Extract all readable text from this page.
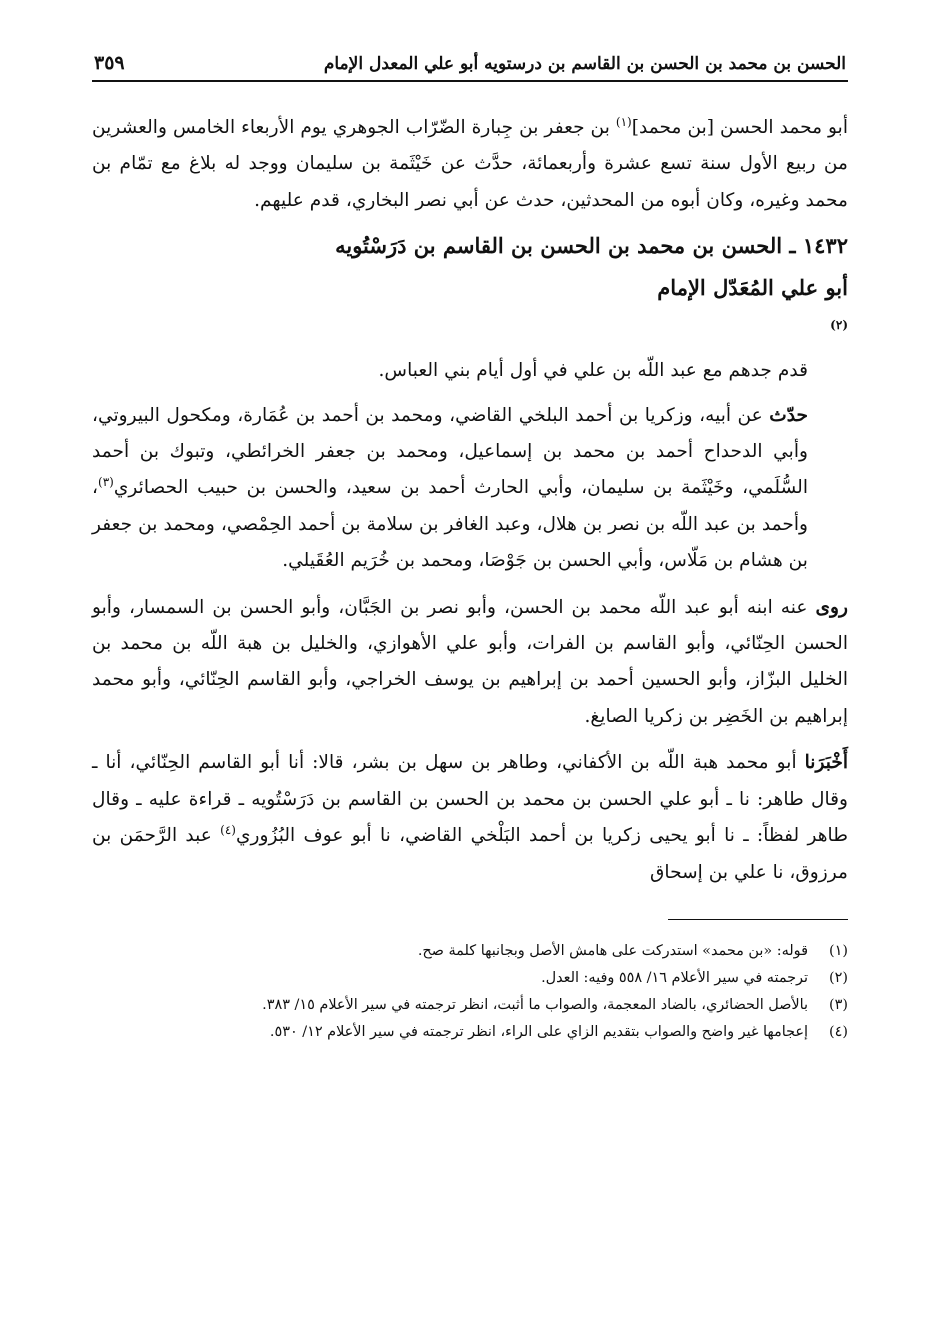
الحسن بن محمد بن الحسن بن القاسم بن درستويه أبو علي المعدل الإمام
٣٥٩

أبو محمد الحسن [بن محمد]$^{(١)}$ بن جعفر بن جِبارة الضّرّاب الجوهري يوم الأربعاء الخامس والعشرين من ربيع الأول سنة تسع عشرة وأربعمائة، حدَّث عن خَيْثَمة بن سليمان ووجد له بلاغ مع تمّام بن محمد وغيره، وكان أبوه من المحدثين، حدث عن أبي نصر البخاري، قدم عليهم.

١٤٣٢ ـ الحسن بن محمد بن الحسن بن القاسم بن دَرَسْتُويه
أبو علي المُعَدّل الإمام
$^{(٢)}$

قدم جدهم مع عبد اللّه بن علي في أول أيام بني العباس.

حدّث عن أبيه، وزكريا بن أحمد البلخي القاضي، ومحمد بن أحمد بن عُمَارة، ومكحول البيروتي، وأبي الدحداح أحمد بن محمد بن إسماعيل، ومحمد بن جعفر الخرائطي، وتبوك بن أحمد السُّلَمي، وخَيْثَمة بن سليمان، وأبي الحارث أحمد بن سعيد، والحسن بن حبيب الحصائري$^{(٣)}$، وأحمد بن عبد اللّه بن نصر بن هلال، وعبد الغافر بن سلامة بن أحمد الحِمْصي، ومحمد بن جعفر بن هشام بن مَلّاس، وأبي الحسن بن جَوْصَا، ومحمد بن خُرَيم العُقَيلي.

روى عنه ابنه أبو عبد اللّه محمد بن الحسن، وأبو نصر بن الجَبَّان، وأبو الحسن بن السمسار، وأبو الحسن الحِنّائي، وأبو القاسم بن الفرات، وأبو علي الأهوازي، والخليل بن هبة اللّه بن محمد بن الخليل البزّاز، وأبو الحسين أحمد بن إبراهيم بن يوسف الخراجي، وأبو القاسم الحِنّائي، وأبو محمد إبراهيم بن الخَضِر بن زكريا الصايغ.

أَخْبَرَنا أبو محمد هبة اللّه بن الأكفاني، وطاهر بن سهل بن بشر، قالا: أنا أبو القاسم الحِنّائي، أنا ـ وقال طاهر: نا ـ أبو علي الحسن بن محمد بن الحسن بن القاسم بن دَرَسْتُويه ـ قراءة عليه ـ وقال طاهر لفظاً: ـ نا أبو يحيى زكريا بن أحمد البَلْخي القاضي، نا أبو عوف البُزُوري$^{(٤)}$ عبد الرَّحمَن بن مرزوق، نا علي بن إسحاق

(١)
قوله: «بن محمد» استدركت على هامش الأصل وبجانبها كلمة صح.
(٢)
ترجمته في سير الأعلام ١٦/ ٥٥٨ وفيه: العدل.
(٣)
بالأصل الحضائري، بالضاد المعجمة، والصواب ما أثبت، انظر ترجمته في سير الأعلام ١٥/ ٣٨٣.
(٤)
إعجامها غير واضح والصواب بتقديم الزاي على الراء، انظر ترجمته في سير الأعلام ١٢/ ٥٣٠.
